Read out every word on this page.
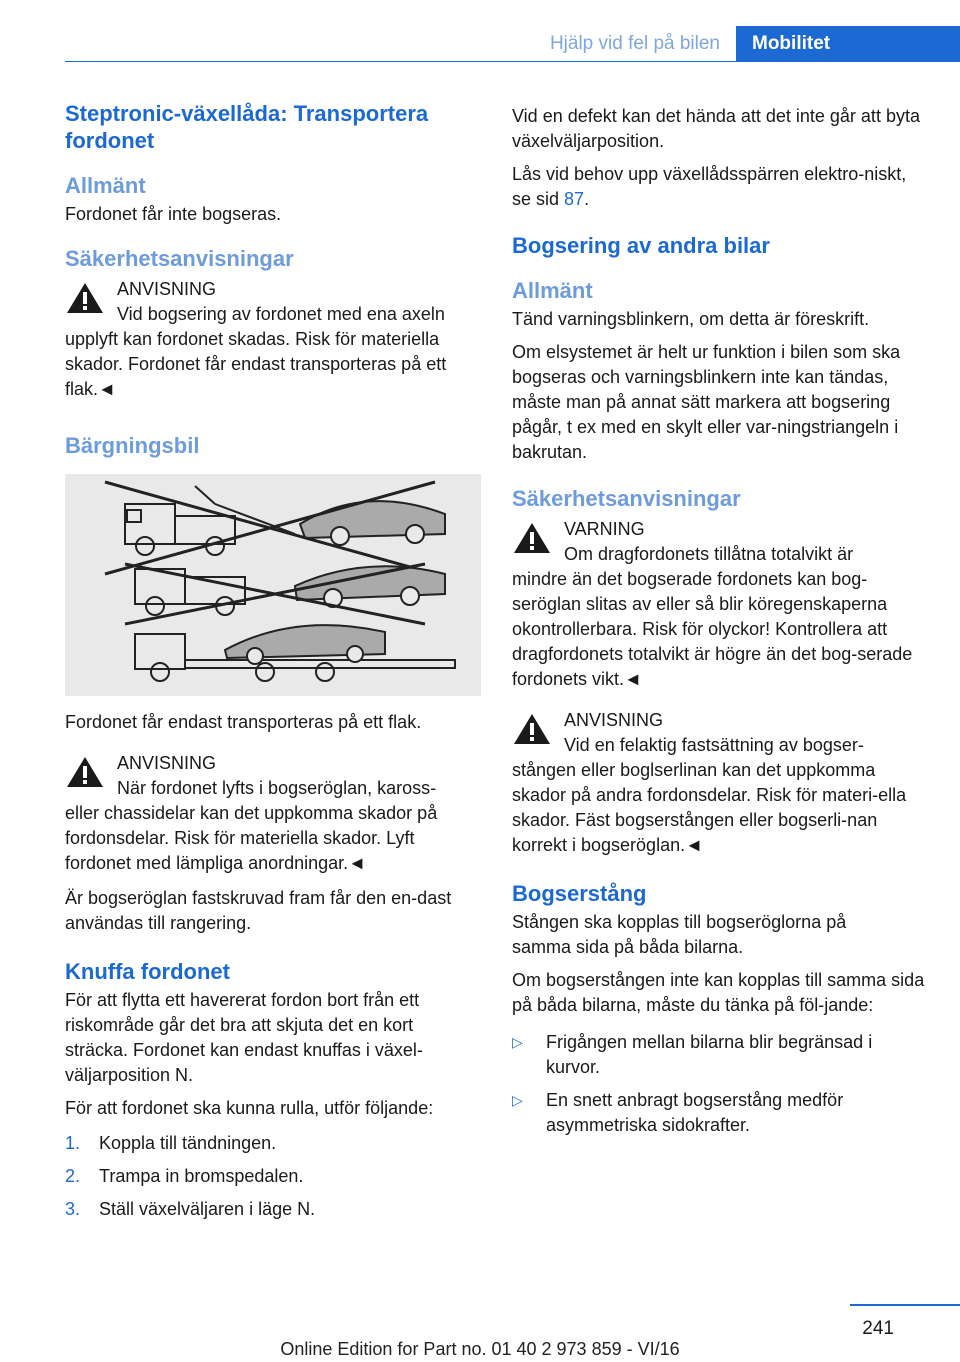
Hjälp vid fel på bilen	Mobilitet
Steptronic-växellåda: Transportera fordonet
Allmänt

Fordonet får inte bogseras.

Säkerhetsanvisningar
ANVISNING
Vid bogsering av fordonet med ena axeln
upplyft kan fordonet skadas. Risk för materiella skador. Fordonet får endast transporteras på ett flak.◄
Bärgningsbil

Fordonet får endast transporteras på ett flak.

ANVISNING
När fordonet lyfts i bogseröglan, kaross-
eller chassidelar kan det uppkomma skador på fordonsdelar. Risk för materiella skador. Lyft fordonet med lämpliga anordningar.◄

Är bogseröglan fastskruvad fram får den en-dast användas till rangering.

Knuffa fordonet

För att flytta ett havererat fordon bort från ett riskområde går det bra att skjuta det en kort sträcka. Fordonet kan endast knuffas i växel-väljarposition N.

För att fordonet ska kunna rulla, utför följande:

1. Koppla till tändningen.
2. Trampa in bromspedalen.
3. Ställ växelväljaren i läge N.

Vid en defekt kan det hända att det inte går att byta växelväljarposition.

Lås vid behov upp växellådsspärren elektro-niskt, se sid 87.

Bogsering av andra bilar
Allmänt

Tänd varningsblinkern, om detta är föreskrift.

Om elsystemet är helt ur funktion i bilen som ska bogseras och varningsblinkern inte kan tändas, måste man på annat sätt markera att bogsering pågår, t ex med en skylt eller var-ningstriangeln i bakrutan.

Säkerhetsanvisningar
VARNING
Om dragfordonets tillåtna totalvikt är
mindre än det bogserade fordonets kan bog-seröglan slitas av eller så blir köregenskaperna okontrollerbara. Risk för olyckor! Kontrollera att dragfordonets totalvikt är högre än det bog-serade fordonets vikt.◄
ANVISNING
Vid en felaktig fastsättning av bogser-
stången eller boglserlinan kan det uppkomma skador på andra fordonsdelar. Risk för materi-ella skador. Fäst bogserstången eller bogserli-nan korrekt i bogseröglan.◄
Bogserstång

Stången ska kopplas till bogseröglorna på samma sida på båda bilarna.

Om bogserstången inte kan kopplas till samma sida på båda bilarna, måste du tänka på föl-jande:

▷ Frigången mellan bilarna blir begränsad i kurvor.
▷ En snett anbragt bogserstång medför asymmetriska sidokrafter.
241
Online Edition for Part no. 01 40 2 973 859 - VI/16
